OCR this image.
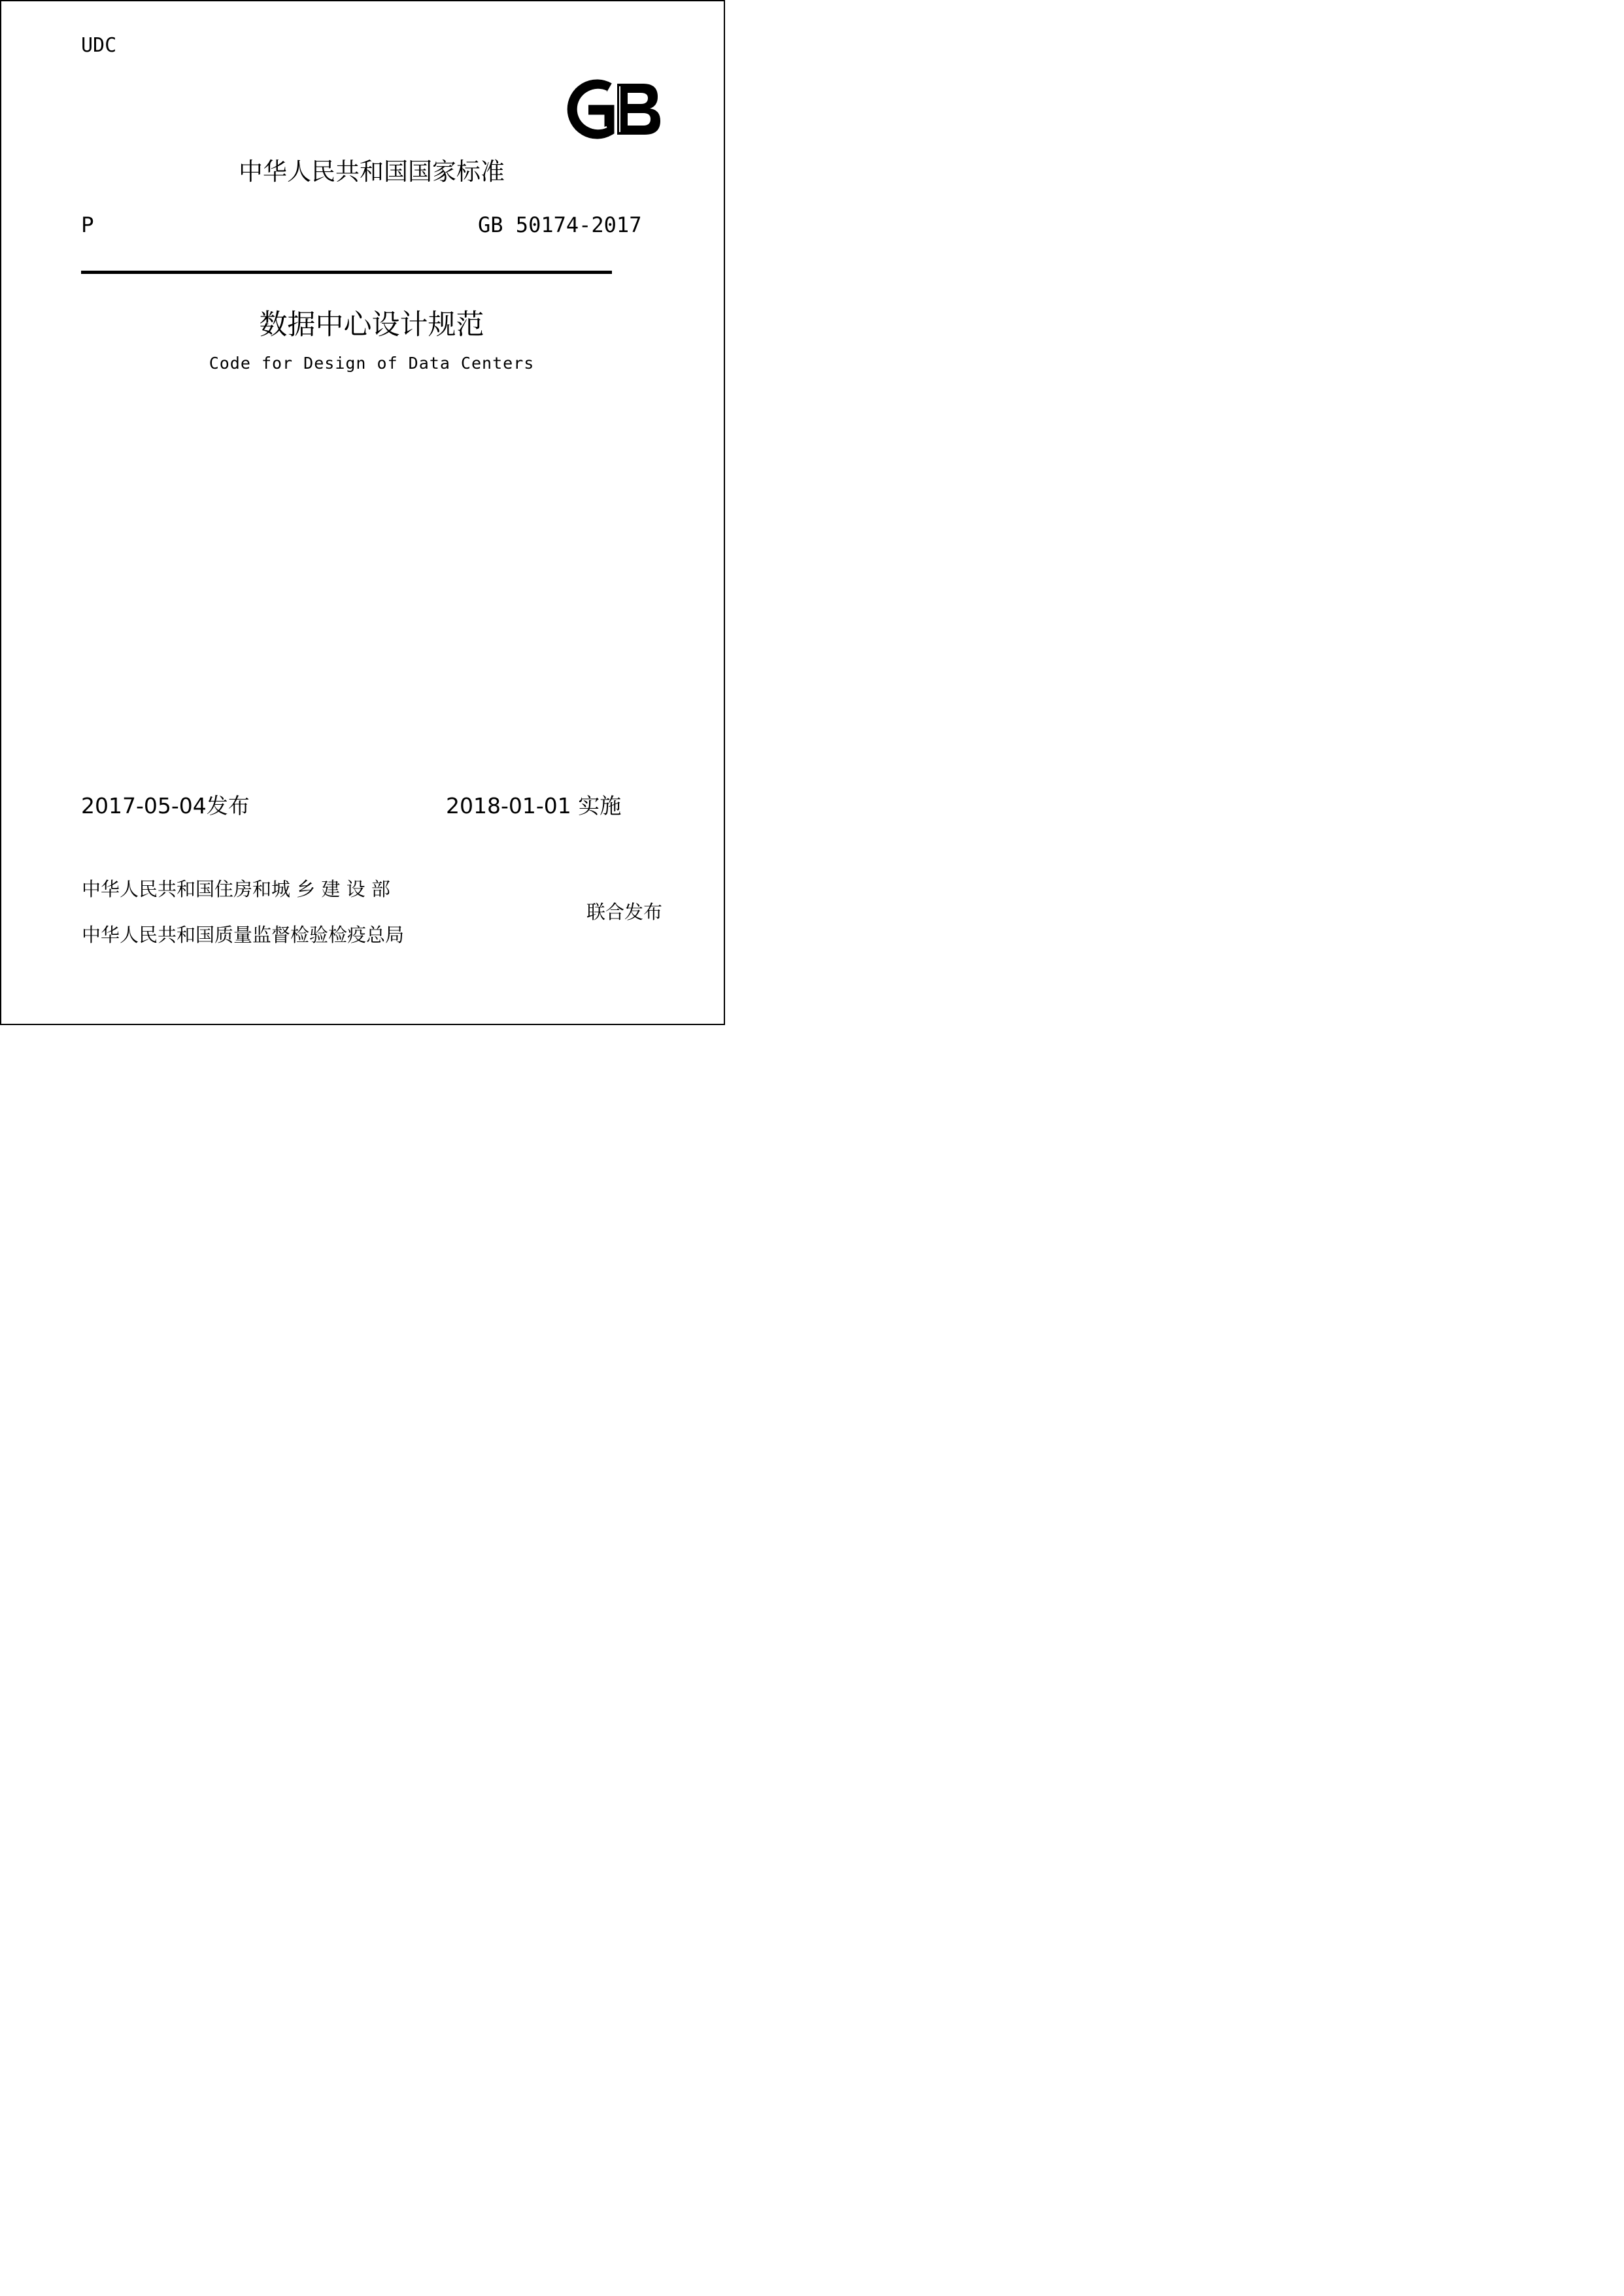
UDC
中华人民共和国国家标准
P	GB 50174-2017
数据中心设计规范
Code for Design of Data Centers
2017-05-04发布	2018-01-01 实施
中华人民共和国住房和城 乡 建 设 部
中华人民共和国质量监督检验检疫总局
联合发布
